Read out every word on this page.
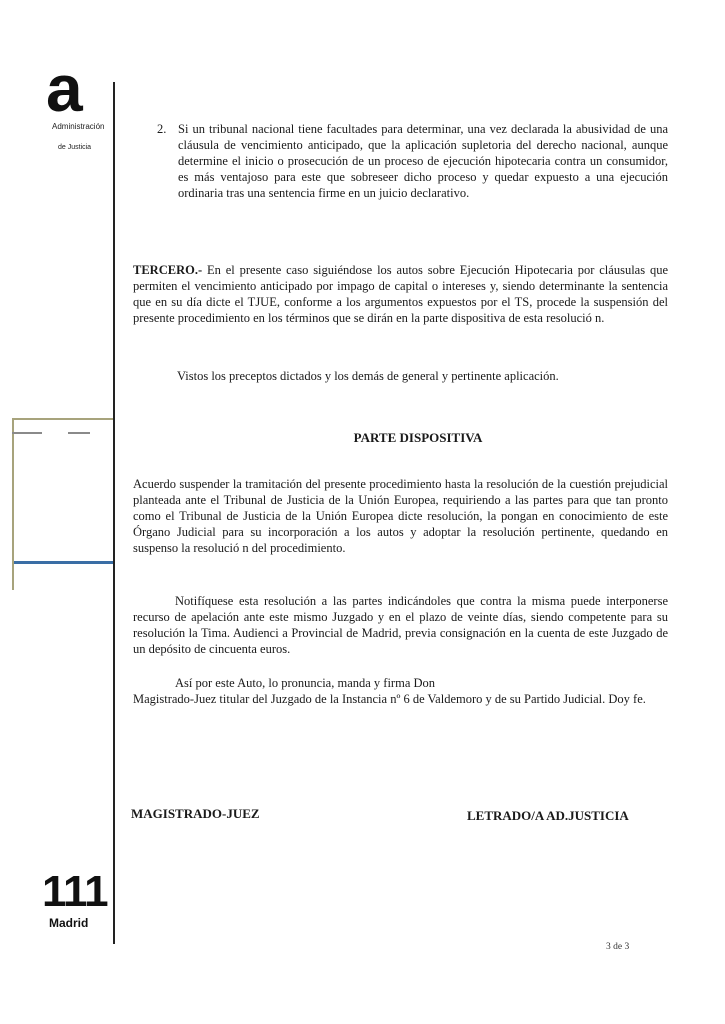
a
Administración
de Justicia
111
Madrid
2. Si un tribunal nacional tiene facultades para determinar, una vez declarada la abusividad de una cláusula de vencimiento anticipado, que la aplicación supletoria del derecho nacional, aunque determine el inicio o prosecución de un proceso de ejecución hipotecaria contra un consumidor, es más ventajoso para este que sobreseer dicho proceso y quedar expuesto a una ejecución ordinaria tras una sentencia firme en un juicio declarativo.
TERCERO.- En el presente caso siguiéndose los autos sobre Ejecución Hipotecaria por cláusulas que permiten el vencimiento anticipado por impago de capital o intereses y, siendo determinante la sentencia que en su día dicte el TJUE, conforme a los argumentos expuestos por el TS, procede la suspensión del presente procedimiento en los términos que se dirán en la parte dispositiva de esta resolució n.
Vistos los preceptos dictados y los demás de general y pertinente aplicación.
PARTE DISPOSITIVA
Acuerdo suspender la tramitación del presente procedimiento hasta la resolución de la cuestión prejudicial planteada ante el Tribunal de Justicia de la Unión Europea, requiriendo a las partes para que tan pronto como el Tribunal de Justicia de la Unión Europea dicte resolución, la pongan en conocimiento de este Órgano Judicial para su incorporación a los autos y adoptar la resolución pertinente, quedando en suspenso la resolució n del procedimiento.
Notifíquese esta resolución a las partes indicándoles que contra la misma puede interponerse recurso de apelación ante este mismo Juzgado y en el plazo de veinte días, siendo competente para su resolución la Tima. Audienci a Provincial de Madrid, previa consignación en la cuenta de este Juzgado de un depósito de cincuenta euros.
Así por este Auto, lo pronuncia, manda y firma Don
Magistrado-Juez titular del Juzgado de la Instancia nº 6 de Valdemoro y de su Partido Judicial. Doy fe.
MAGISTRADO-JUEZ	LETRADO/A AD.JUSTICIA
3 de 3
